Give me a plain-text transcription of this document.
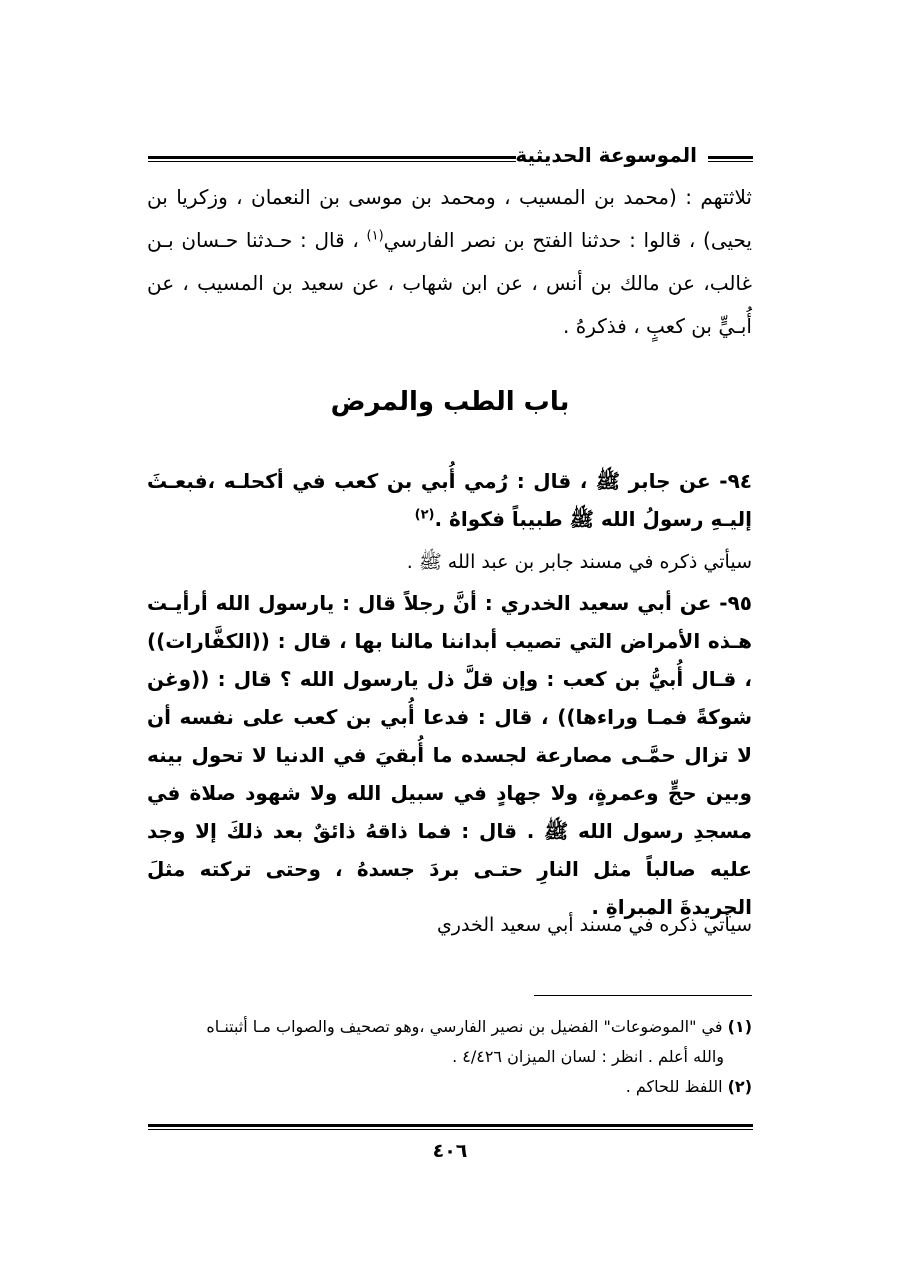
الموسوعة الحديثية

ثلاثتهم : (محمد بن المسيب ، ومحمد بن موسى بن النعمان ، وزكريا بن يحيى) ، قالوا : حدثنا الفتح بن نصر الفارسي$^{(١)}$ ، قال : حـدثنا حـسان بـن غالب، عن مالك بن أنس ، عن ابن شهاب ، عن سعيد بن المسيب ، عن أُبـيٍّ بن كعبٍ ، فذكرهُ .

باب الطب والمرض

٩٤- عن جابر ﷺ ، قال : رُمي أُبي بن كعب في أكحلـه ،فبعـثَ إليـهِ رسولُ الله ﷺ طبيباً فكواهُ .$^{(٢)}$

سيأتي ذكره في مسند جابر بن عبد الله ﷺ .

٩٥- عن أبي سعيد الخدري : أنَّ رجلاً قال : يارسول الله أرأيـت هـذه الأمراض التي تصيب أبداننا مالنا بها ، قال : ((الكفَّارات)) ، قـال أُبيُّ بن كعب : وإن قلَّ ذل يارسول الله ؟ قال : ((وغن شوكةً فمـا وراءها)) ، قال : فدعا أُبي بن كعب على نفسه أن لا تزال حمَّـى مصارعة لجسده ما أُبقيَ في الدنيا لا تحول بينه وبين حجٍّ وعمرةٍ، ولا جهادٍ في سبيل الله ولا شهود صلاة في مسجدِ رسول الله ﷺ . قال : فما ذاقهُ ذائقٌ بعد ذلكَ إلا وجد عليه صالباً مثل النارِ حتـى بردَ جسدهُ ، وحتى تركته مثلَ الجريدةَ المبراةِ .

سيأتي ذكره في مسند أبي سعيد الخدري

(١) في "الموضوعات" الفضيل بن نصير الفارسي ،وهو تصحيف والصواب مـا أثبتنـاه

والله أعلم . انظر : لسان الميزان ٤/٤٢٦ .

(٢) اللفظ للحاكم .

٤٠٦
